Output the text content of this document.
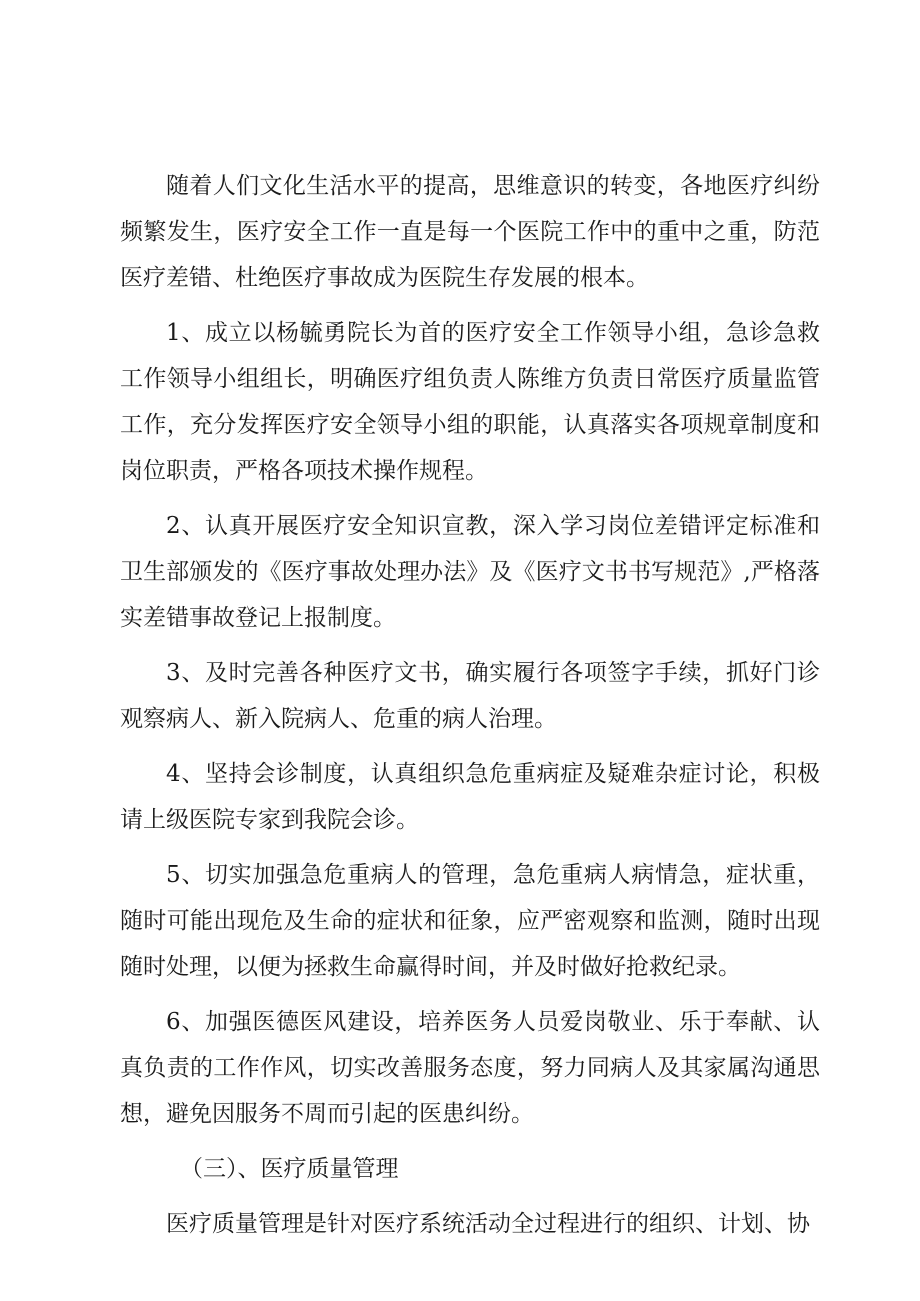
随着人们文化生活水平的提高，思维意识的转变，各地医疗纠纷频繁发生，医疗安全工作一直是每一个医院工作中的重中之重，防范医疗差错、杜绝医疗事故成为医院生存发展的根本。

1、成立以杨毓勇院长为首的医疗安全工作领导小组，急诊急救工作领导小组组长，明确医疗组负责人陈维方负责日常医疗质量监管工作，充分发挥医疗安全领导小组的职能，认真落实各项规章制度和岗位职责，严格各项技术操作规程。

2、认真开展医疗安全知识宣教，深入学习岗位差错评定标准和卫生部颁发的《医疗事故处理办法》及《医疗文书书写规范》,严格落实差错事故登记上报制度。

3、及时完善各种医疗文书，确实履行各项签字手续，抓好门诊观察病人、新入院病人、危重的病人治理。

4、坚持会诊制度，认真组织急危重病症及疑难杂症讨论，积极请上级医院专家到我院会诊。

5、切实加强急危重病人的管理，急危重病人病情急，症状重，随时可能出现危及生命的症状和征象，应严密观察和监测，随时出现随时处理，以便为拯救生命赢得时间，并及时做好抢救纪录。

6、加强医德医风建设，培养医务人员爱岗敬业、乐于奉献、认真负责的工作作风，切实改善服务态度，努力同病人及其家属沟通思想，避免因服务不周而引起的医患纠纷。

（三）、医疗质量管理

医疗质量管理是针对医疗系统活动全过程进行的组织、计划、协
